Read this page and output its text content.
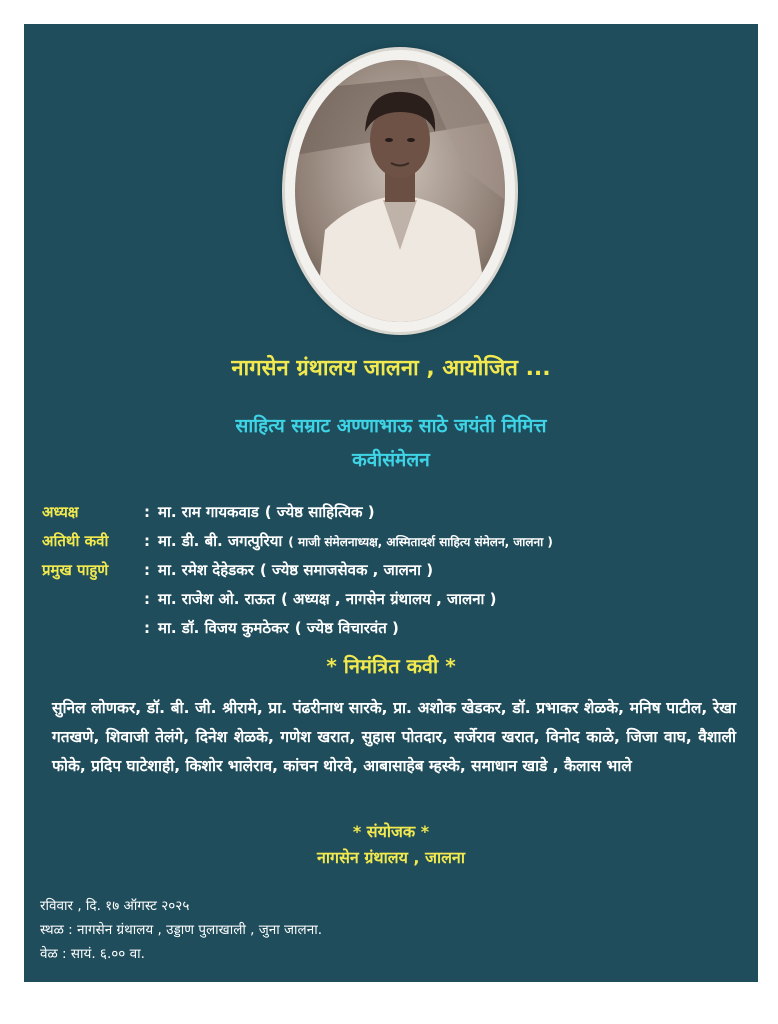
नागसेन ग्रंथालय जालना , आयोजित ...
साहित्य सम्राट अण्णाभाऊ साठे जयंती निमित्त
कवीसंमेलन
अध्यक्ष	: मा. राम गायकवाड ( ज्येष्ठ साहित्यिक )
अतिथी कवी	: मा. डी. बी. जगत्पुरिया ( माजी संमेलनाध्यक्ष, अस्मितादर्श साहित्य संमेलन, जालना )
प्रमुख पाहुणे	: मा. रमेश देहेडकर ( ज्येष्ठ समाजसेवक , जालना )
: मा. राजेश ओ. राऊत ( अध्यक्ष , नागसेन ग्रंथालय , जालना )
: मा. डॉ. विजय कुमठेकर ( ज्येष्ठ विचारवंत )
* निमंत्रित कवी *
सुनिल लोणकर, डॉ. बी. जी. श्रीरामे, प्रा. पंढरीनाथ सारके, प्रा. अशोक खेडकर, डॉ. प्रभाकर शेळके, मनिष पाटील, रेखा गतखणे, शिवाजी तेलंगे, दिनेश शेळके, गणेश खरात, सुहास पोतदार, सर्जेराव खरात, विनोद काळे, जिजा वाघ, वैशाली फोके, प्रदिप घाटेशाही, किशोर भालेराव, कांचन थोरवे, आबासाहेब म्हस्के, समाधान खाडे , कैलास भाले
* संयोजक *
नागसेन ग्रंथालय , जालना
रविवार , दि. १७ ऑगस्ट २०२५
स्थळ : नागसेन ग्रंथालय , उड्डाण पुलाखाली , जुना जालना.
वेळ : सायं. ६.०० वा.
